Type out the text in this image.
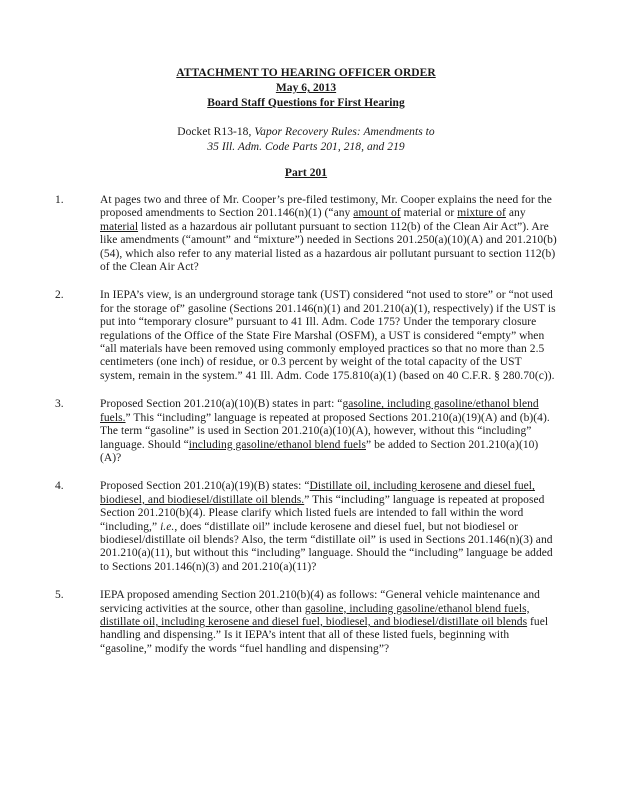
ATTACHMENT TO HEARING OFFICER ORDER
May 6, 2013
Board Staff Questions for First Hearing
Docket R13-18, Vapor Recovery Rules: Amendments to
35 Ill. Adm. Code Parts 201, 218, and 219
Part 201
1.	At pages two and three of Mr. Cooper’s pre-filed testimony, Mr. Cooper explains the need for the proposed amendments to Section 201.146(n)(1) (“any amount of material or mixture of any material listed as a hazardous air pollutant pursuant to section 112(b) of the Clean Air Act”). Are like amendments (“amount” and “mixture”) needed in Sections 201.250(a)(10)(A) and 201.210(b)(54), which also refer to any material listed as a hazardous air pollutant pursuant to section 112(b) of the Clean Air Act?
2.	In IEPA’s view, is an underground storage tank (UST) considered “not used to store” or “not used for the storage of” gasoline (Sections 201.146(n)(1) and 201.210(a)(1), respectively) if the UST is put into “temporary closure” pursuant to 41 Ill. Adm. Code 175? Under the temporary closure regulations of the Office of the State Fire Marshal (OSFM), a UST is considered “empty” when “all materials have been removed using commonly employed practices so that no more than 2.5 centimeters (one inch) of residue, or 0.3 percent by weight of the total capacity of the UST system, remain in the system.” 41 Ill. Adm. Code 175.810(a)(1) (based on 40 C.F.R. § 280.70(c)).
3.	Proposed Section 201.210(a)(10)(B) states in part: “gasoline, including gasoline/ethanol blend fuels.” This “including” language is repeated at proposed Sections 201.210(a)(19)(A) and (b)(4). The term “gasoline” is used in Section 201.210(a)(10)(A), however, without this “including” language. Should “including gasoline/ethanol blend fuels” be added to Section 201.210(a)(10)(A)?
4.	Proposed Section 201.210(a)(19)(B) states: “Distillate oil, including kerosene and diesel fuel, biodiesel, and biodiesel/distillate oil blends.” This “including” language is repeated at proposed Section 201.210(b)(4). Please clarify which listed fuels are intended to fall within the word “including,” i.e., does “distillate oil” include kerosene and diesel fuel, but not biodiesel or biodiesel/distillate oil blends? Also, the term “distillate oil” is used in Sections 201.146(n)(3) and 201.210(a)(11), but without this “including” language. Should the “including” language be added to Sections 201.146(n)(3) and 201.210(a)(11)?
5.	IEPA proposed amending Section 201.210(b)(4) as follows: “General vehicle maintenance and servicing activities at the source, other than gasoline, including gasoline/ethanol blend fuels, distillate oil, including kerosene and diesel fuel, biodiesel, and biodiesel/distillate oil blends fuel handling and dispensing.” Is it IEPA’s intent that all of these listed fuels, beginning with “gasoline,” modify the words “fuel handling and dispensing”?
